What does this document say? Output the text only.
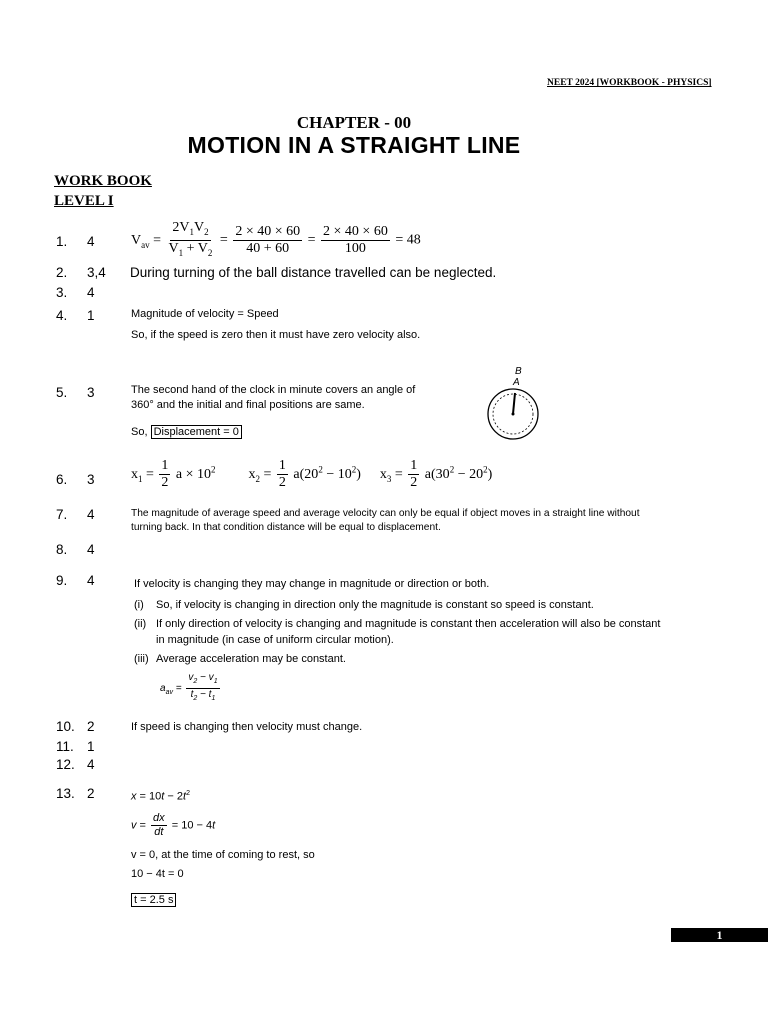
NEET 2024 [WORKBOOK - PHYSICS]
CHAPTER - 00
MOTION IN A STRAIGHT LINE
WORK BOOK
LEVEL I
1. 4	$V_{av} = \frac{2V_1V_2}{V_1 + V_2} = \frac{2 \times 40 \times 60}{40 + 60} = \frac{2 \times 40 \times 60}{100} = 48$
2. 3,4 During turning of the ball distance travelled can be neglected.
3. 4
4. 1	Magnitude of velocity = Speed
So, if the speed is zero then it must have zero velocity also.
5. 3	The second hand of the clock in minute covers an angle of
360° and the initial and final positions are same.
So, Displacement = 0
B
A
6. 3	$x_1 = \frac{1}{2}$ $a \times 10^2$ $x_2 = \frac{1}{2} a(20^2 - 10^2) x_3 = \frac{1}{2} a(30^2 - 20^2)$
7. 4	The magnitude of average speed and average velocity can only be equal if object moves in a straight line without
turning back. In that condition distance will be equal to displacement.
8. 4
9. 4	If velocity is changing they may change in magnitude or direction or both.
(i)	So, if velocity is changing in direction only the magnitude is constant so speed is constant.
(ii) If only direction of velocity is changing and magnitude is constant then acceleration will also be constant
in magnitude (in case of uniform circular motion).
(iii) Average acceleration may be constant.
$a_{av} = \frac{v_2 - v_1}{t_2 - t_1}$
10. 2	If speed is changing then velocity must change.
11. 1
12. 4
13. 2	$x = 10t - 2t^2$
$v = \frac{dx}{dt} = 10 - 4t$
v = 0, at the time of coming to rest, so
10 − 4t = 0
t = 2.5 s
1
